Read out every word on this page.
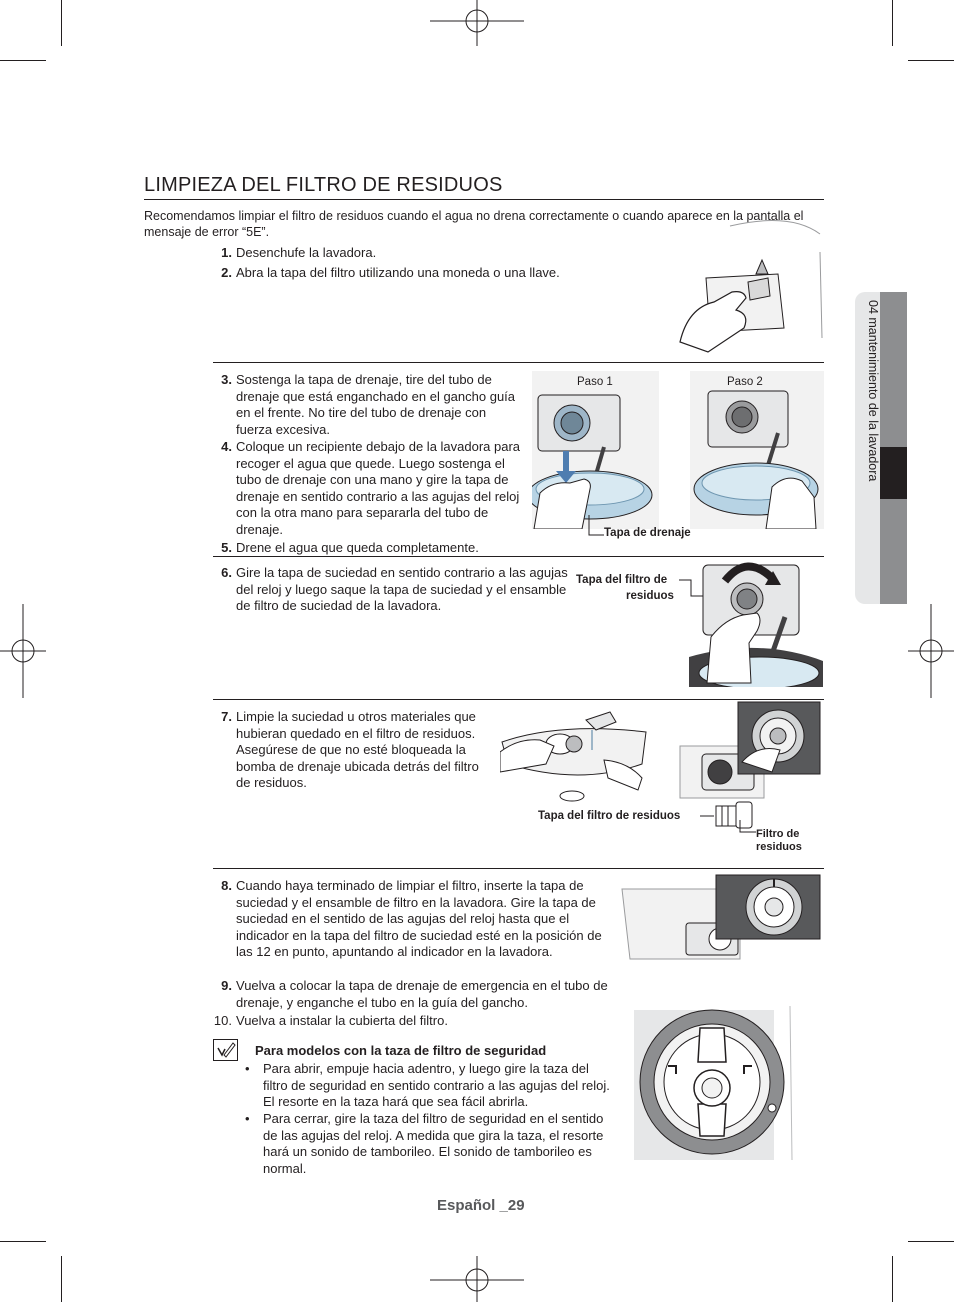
04 mantenimiento de la lavadora
LIMPIEZA DEL FILTRO DE RESIDUOS
Recomendamos limpiar el filtro de residuos cuando el agua no drena correctamente o cuando aparece en la pantalla el mensaje de error “5E”.
1. Desenchufe la lavadora.
2. Abra la tapa del filtro utilizando una moneda o una llave.
3. Sostenga la tapa de drenaje, tire del tubo de drenaje que está enganchado en el gancho guía en el frente. No tire del tubo de drenaje con fuerza excesiva.
4. Coloque un recipiente debajo de la lavadora para recoger el agua que quede. Luego sostenga el tubo de drenaje con una mano y gire la tapa de drenaje en sentido contrario a las agujas del reloj con la otra mano para separarla del tubo de drenaje.
5. Drene el agua que queda completamente.
Paso 1	Paso 2
Tapa de drenaje
6. Gire la tapa de suciedad en sentido contrario a las agujas del reloj y luego saque la tapa de suciedad y el ensamble de filtro de suciedad de la lavadora.
Tapa del filtro de
residuos
7. Limpie la suciedad u otros materiales que hubieran quedado en el filtro de residuos. Asegúrese de que no esté bloqueada la bomba de drenaje ubicada detrás del filtro de residuos.
Tapa del filtro de residuos
Filtro de
residuos
8. Cuando haya terminado de limpiar el filtro, inserte la tapa de suciedad y el ensamble de filtro en la lavadora. Gire la tapa de suciedad en el sentido de las agujas del reloj hasta que el indicador en la tapa del filtro de suciedad esté en la posición de las 12 en punto, apuntando al indicador en la lavadora.
9. Vuelva a colocar la tapa de drenaje de emergencia en el tubo de drenaje, y enganche el tubo en la guía del gancho.
10. Vuelva a instalar la cubierta del filtro.
Para modelos con la taza de filtro de seguridad
• Para abrir, empuje hacia adentro, y luego gire la taza del filtro de seguridad en sentido contrario a las agujas del reloj. El resorte en la taza hará que sea fácil abrirla.
• Para cerrar, gire la taza del filtro de seguridad en el sentido de las agujas del reloj. A medida que gira la taza, el resorte hará un sonido de tamborileo. El sonido de tamborileo es normal.
Español _29
